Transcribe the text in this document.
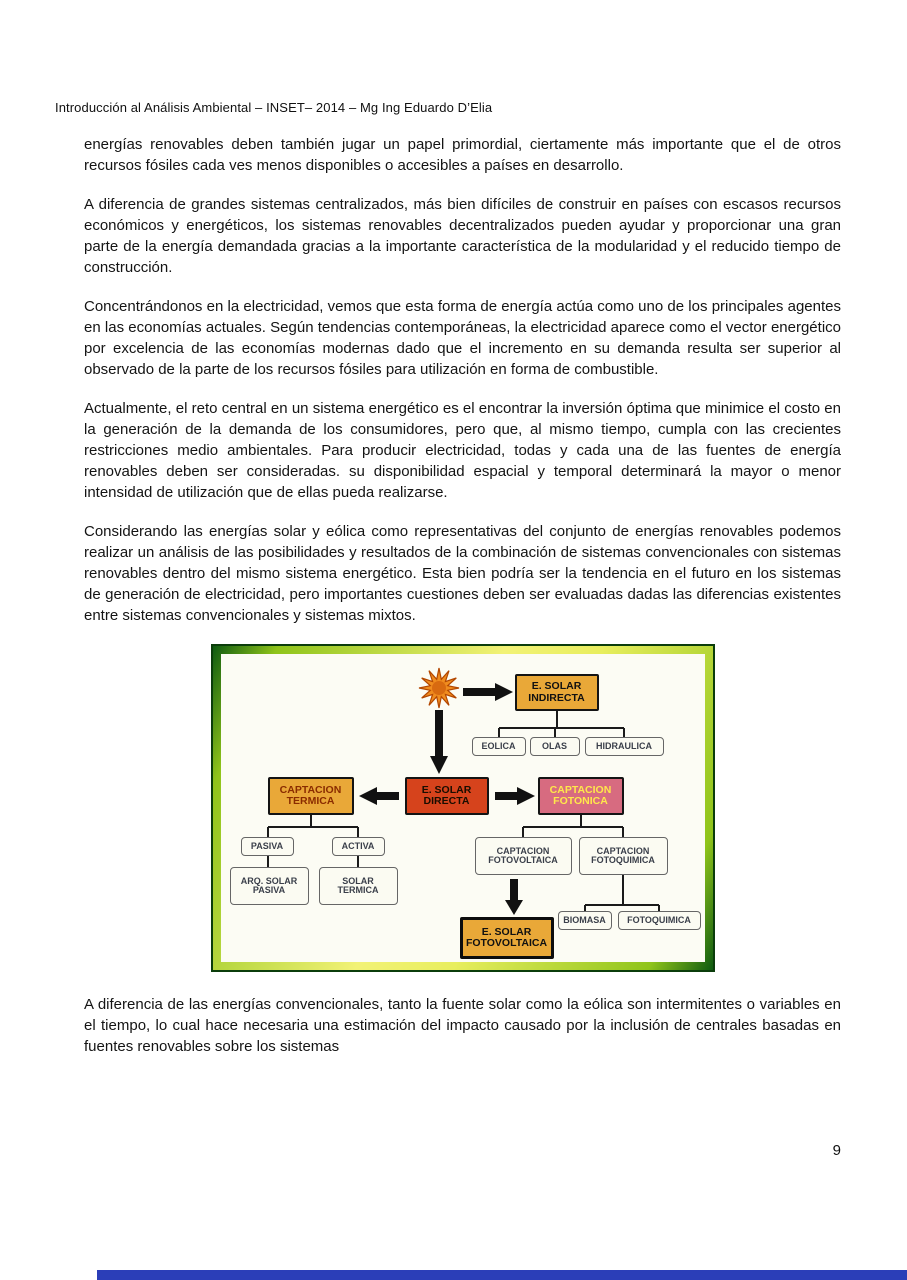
Introducción al Análisis Ambiental – INSET– 2014 – Mg Ing Eduardo D’Elia

energías renovables deben también jugar un papel primordial, ciertamente más importante que el de otros recursos fósiles cada ves menos disponibles o accesibles a países en desarrollo.

A diferencia de grandes sistemas centralizados, más bien difíciles de construir en países con escasos recursos económicos y energéticos, los sistemas renovables decentralizados pueden ayudar y proporcionar una gran parte de la energía demandada gracias a la importante característica de la modularidad y el reducido tiempo de construcción.

Concentrándonos en la electricidad, vemos que esta forma de energía actúa como uno de los principales agentes en las economías actuales. Según tendencias contemporáneas, la electricidad aparece como el vector energético por excelencia de las economías modernas dado que el incremento en su demanda resulta ser superior al observado de la parte de los recursos fósiles para utilización en forma de combustible.

Actualmente, el reto central en un sistema energético es el encontrar la inversión óptima que minimice el costo en la generación de la demanda de los consumidores, pero que, al mismo tiempo, cumpla con las crecientes restricciones medio ambientales. Para producir electricidad, todas y cada una de las fuentes de energía renovables deben ser consideradas. su disponibilidad espacial y temporal determinará la mayor o menor intensidad de utilización que de ellas pueda realizarse.

Considerando las energías solar y eólica como representativas del conjunto de energías renovables podemos realizar un análisis de las posibilidades y resultados de la combinación de sistemas convencionales con sistemas renovables dentro del mismo sistema energético. Esta bien podría ser la tendencia en el futuro en los sistemas de generación de electricidad, pero importantes cuestiones deben ser evaluadas dadas las diferencias existentes entre sistemas convencionales y sistemas mixtos.

E. SOLAR INDIRECTA
EOLICA	OLAS	HIDRAULICA
E. SOLAR DIRECTA
CAPTACION TERMICA
CAPTACION FOTONICA
PASIVA	ACTIVA
ARQ. SOLAR PASIVA
SOLAR TERMICA
CAPTACION FOTOVOLTAICA
CAPTACION FOTOQUIMICA
E. SOLAR FOTOVOLTAICA
BIOMASA	FOTOQUIMICA

A diferencia de las energías convencionales, tanto la fuente solar como la eólica son intermitentes o variables en el tiempo, lo cual hace necesaria una estimación del impacto causado por la inclusión de centrales basadas en fuentes renovables sobre los sistemas

9
